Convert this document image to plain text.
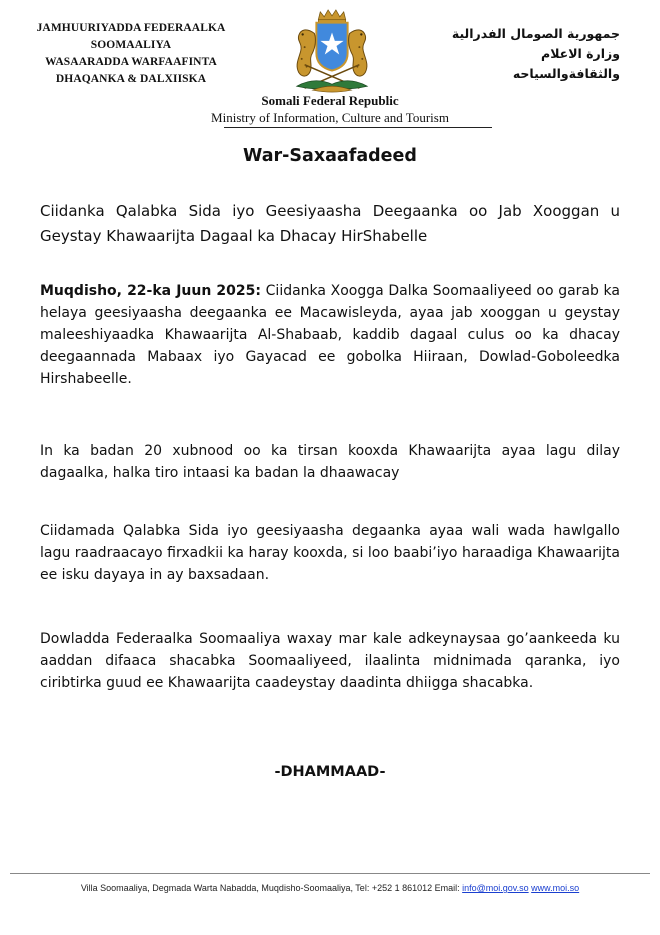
JAMHUURIYADDA FEDERAALKA
SOOMAALIYA
WASAARADDA WARFAAFINTA
DHAQANKA & DALXIISKA
جمهورية الصومال الفدرالية
وزارة الاعلام
والثقافةوالسياحه
Somali Federal Republic
Ministry of Information, Culture and Tourism
War-Saxaafadeed

Ciidanka Qalabka Sida iyo Geesiyaasha Deegaanka oo Jab Xooggan u Geystay Khawaarijta Dagaal ka Dhacay HirShabelle

Muqdisho, 22-ka Juun 2025: Ciidanka Xoogga Dalka Soomaaliyeed oo garab ka helaya geesiyaasha deegaanka ee Macawisleyda, ayaa jab xooggan u geystay maleeshiyaadka Khawaarijta Al-Shabaab, kaddib dagaal culus oo ka dhacay deegaannada Mabaax iyo Gayacad ee gobolka Hiiraan, Dowlad-Goboleedka Hirshabeelle.

In ka badan 20 xubnood oo ka tirsan kooxda Khawaarijta ayaa lagu dilay dagaalka, halka tiro intaasi ka badan la dhaawacay

Ciidamada Qalabka Sida iyo geesiyaasha degaanka ayaa wali wada hawlgallo lagu raadraacayo firxadkii ka haray kooxda, si loo baabi’iyo haraadiga Khawaarijta ee isku dayaya in ay baxsadaan.

Dowladda Federaalka Soomaaliya waxay mar kale adkeynaysaa go’aankeeda ku aaddan difaaca shacabka Soomaaliyeed, ilaalinta midnimada qaranka, iyo ciribtirka guud ee Khawaarijta caadeystay daadinta dhiigga shacabka.

-DHAMMAAD-
Villa Soomaaliya, Degmada Warta Nabadda, Muqdisho-Soomaaliya, Tel: +252 1 861012 Email: info@moi.gov.so www.moi.so
